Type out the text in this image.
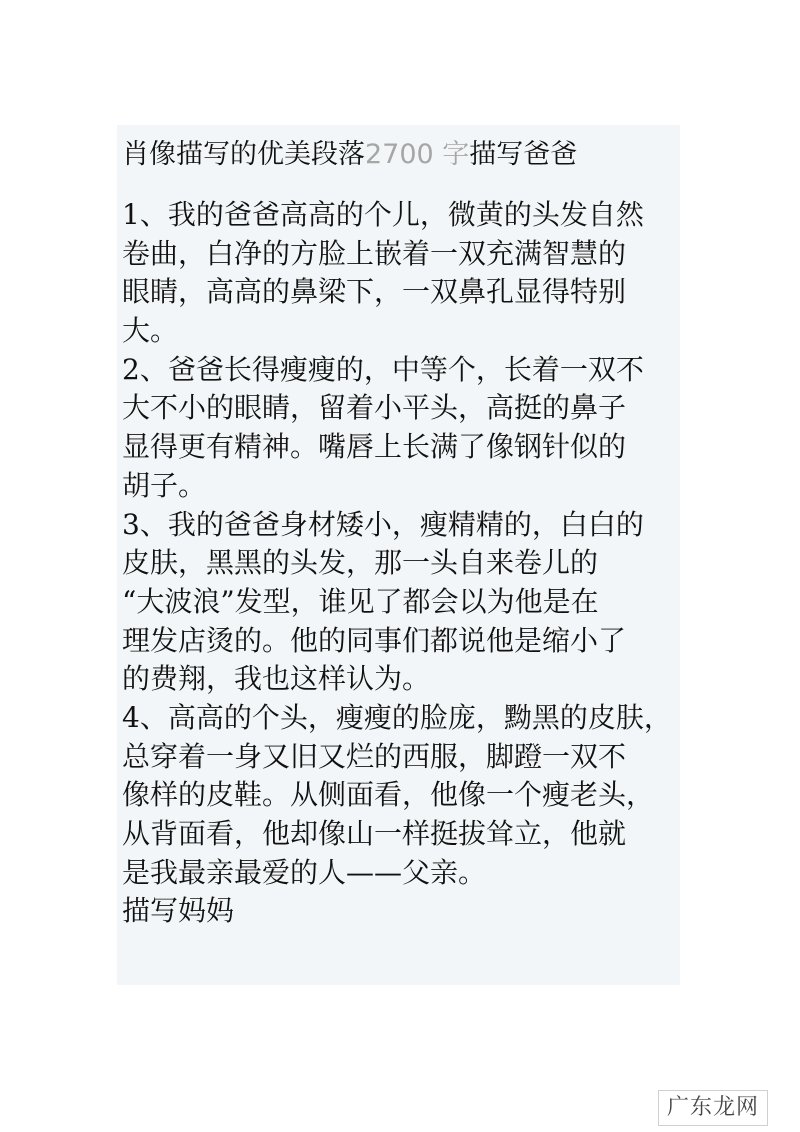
肖像描写的优美段落2700 字描写爸爸
1、我的爸爸高高的个儿，微黄的头发自然
卷曲，白净的方脸上嵌着一双充满智慧的
眼睛，高高的鼻梁下，一双鼻孔显得特别
大。
2、爸爸长得瘦瘦的，中等个，长着一双不
大不小的眼睛，留着小平头，高挺的鼻子
显得更有精神。嘴唇上长满了像钢针似的
胡子。
3、我的爸爸身材矮小，瘦精精的，白白的
皮肤，黑黑的头发，那一头自来卷儿的
“大波浪”发型，谁见了都会以为他是在
理发店烫的。他的同事们都说他是缩小了
的费翔，我也这样认为。
4、高高的个头，瘦瘦的脸庞，黝黑的皮肤，
总穿着一身又旧又烂的西服，脚蹬一双不
像样的皮鞋。从侧面看，他像一个瘦老头，
从背面看，他却像山一样挺拔耸立，他就
是我最亲最爱的人——父亲。
描写妈妈
广东龙网
